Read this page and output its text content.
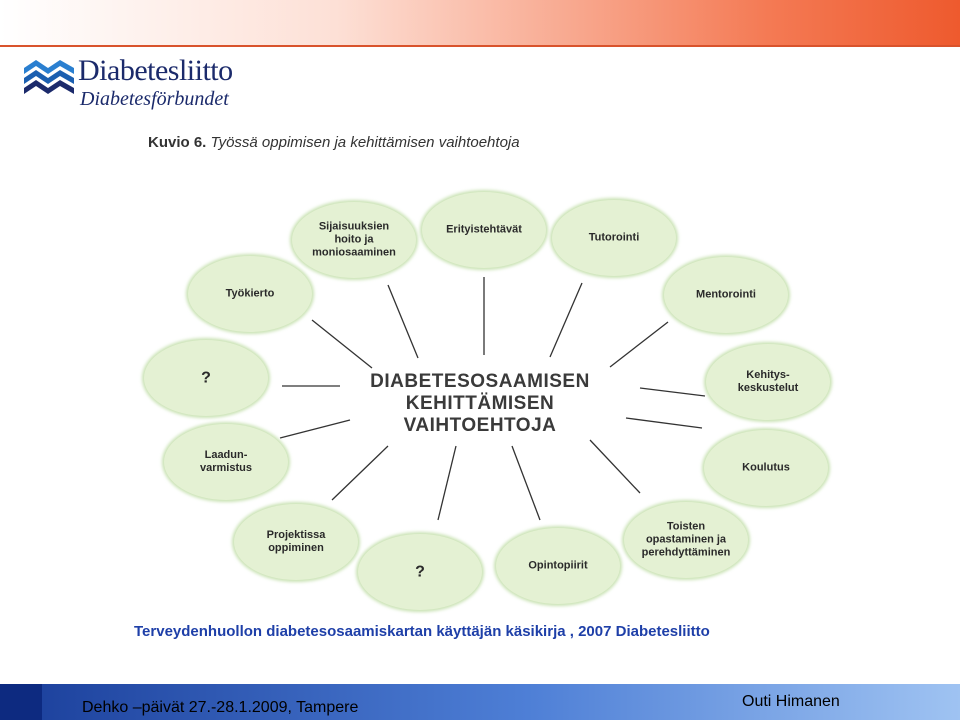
Diabetesliitto
Diabetesförbundet
Kuvio 6. Työssä oppimisen ja kehittämisen vaihtoehtoja
DIABETESOSAAMISEN
KEHITTÄMISEN
VAIHTOEHTOJA
Erityistehtävät
Tutorointi
Mentorointi
Kehitys-
keskustelut
Koulutus
Toisten
opastaminen ja
perehdyttäminen
Opintopiirit
?
Projektissa
oppiminen
Laadun-
varmistus
?
Työkierto
Sijaisuuksien
hoito ja
moniosaaminen
Terveydenhuollon diabetesosaamiskartan käyttäjän käsikirja , 2007 Diabetesliitto
Dehko –päivät 27.-28.1.2009, Tampere	Outi Himanen
